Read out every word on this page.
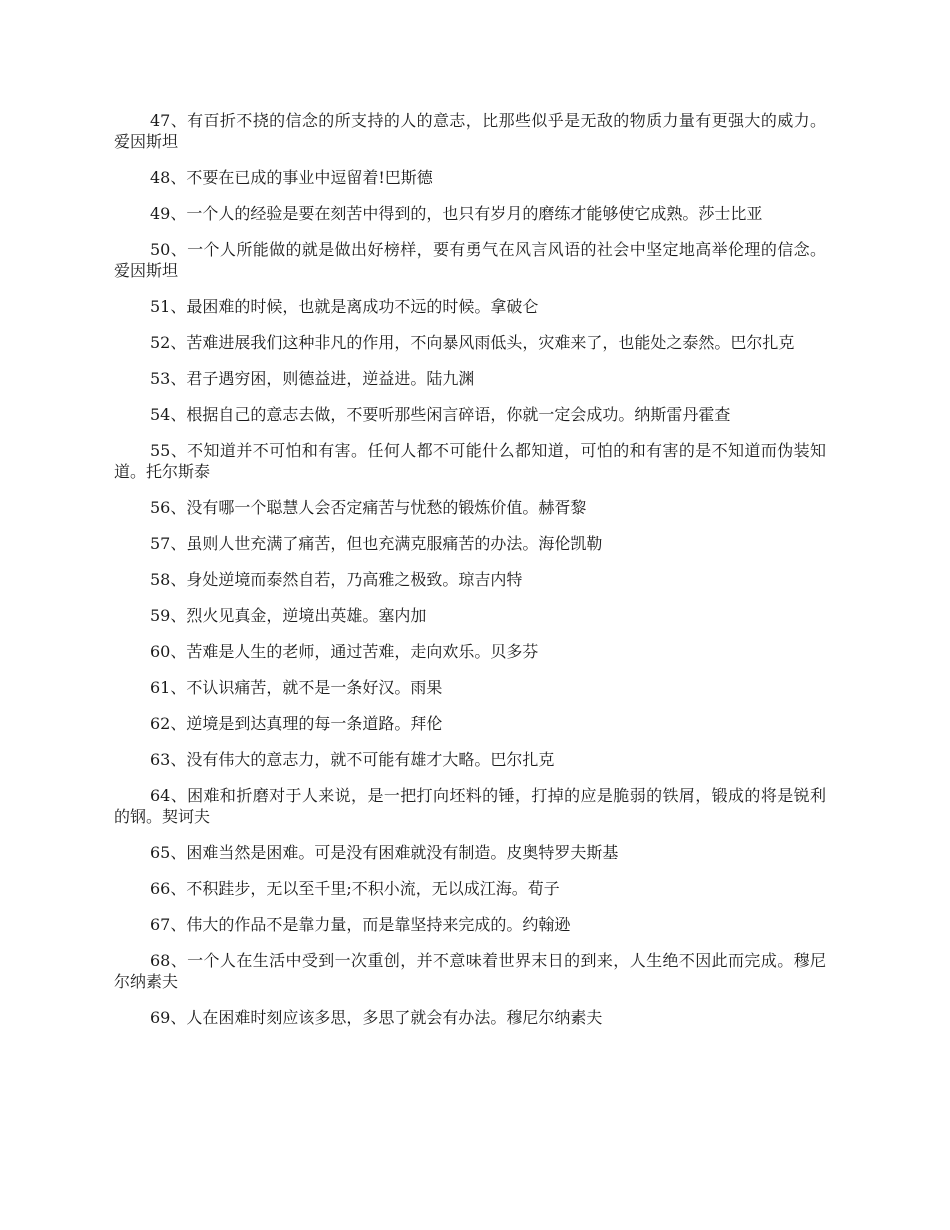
47、有百折不挠的信念的所支持的人的意志，比那些似乎是无敌的物质力量有更强大的威力。爱因斯坦

48、不要在已成的事业中逗留着!巴斯德

49、一个人的经验是要在刻苦中得到的，也只有岁月的磨练才能够使它成熟。莎士比亚

50、一个人所能做的就是做出好榜样，要有勇气在风言风语的社会中坚定地高举伦理的信念。爱因斯坦

51、最困难的时候，也就是离成功不远的时候。拿破仑

52、苦难进展我们这种非凡的作用，不向暴风雨低头，灾难来了，也能处之泰然。巴尔扎克

53、君子遇穷困，则德益进，逆益进。陆九渊

54、根据自己的意志去做，不要听那些闲言碎语，你就一定会成功。纳斯雷丹霍查

55、不知道并不可怕和有害。任何人都不可能什么都知道，可怕的和有害的是不知道而伪装知道。托尔斯泰

56、没有哪一个聪慧人会否定痛苦与忧愁的锻炼价值。赫胥黎

57、虽则人世充满了痛苦，但也充满克服痛苦的办法。海伦凯勒

58、身处逆境而泰然自若，乃高雅之极致。琼吉内特

59、烈火见真金，逆境出英雄。塞内加

60、苦难是人生的老师，通过苦难，走向欢乐。贝多芬

61、不认识痛苦，就不是一条好汉。雨果

62、逆境是到达真理的每一条道路。拜伦

63、没有伟大的意志力，就不可能有雄才大略。巴尔扎克

64、困难和折磨对于人来说，是一把打向坯料的锤，打掉的应是脆弱的铁屑，锻成的将是锐利的钢。契诃夫

65、困难当然是困难。可是没有困难就没有制造。皮奥特罗夫斯基

66、不积跬步，无以至千里;不积小流，无以成江海。荀子

67、伟大的作品不是靠力量，而是靠坚持来完成的。约翰逊

68、一个人在生活中受到一次重创，并不意味着世界末日的到来，人生绝不因此而完成。穆尼尔纳素夫

69、人在困难时刻应该多思，多思了就会有办法。穆尼尔纳素夫
